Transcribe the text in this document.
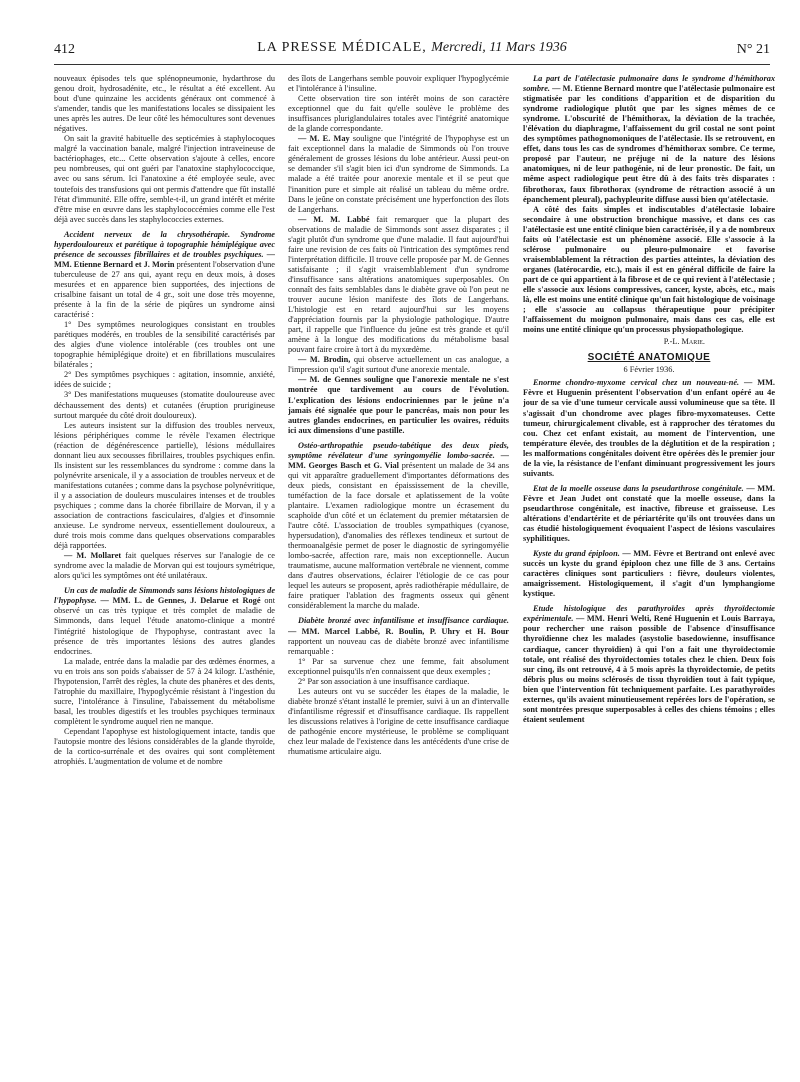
412	LA PRESSE MÉDICALE, Mercredi, 11 Mars 1936	N° 21

nouveaux épisodes tels que splénopneumonie, hydarthrose du genou droit, hydrosadénite, etc., le résultat a été excellent. Au bout d'une quinzaine les accidents généraux ont commencé à s'amender, tandis que les manifestations locales se dissipaient les unes après les autres. De leur côté les hémocultures sont devenues négatives.

On sait la gravité habituelle des septicémies à staphylocoques malgré la vaccination banale, malgré l'injection intraveineuse de bactériophages, etc... Cette observation s'ajoute à celles, encore peu nombreuses, qui ont guéri par l'anatoxine staphylococcique, avec ou sans sérum. Ici l'anatoxine a été employée seule, avec toutefois des transfusions qui ont permis d'attendre que fût installé l'état d'immunité. Elle offre, semble-t-il, un grand intérêt et mérite d'être mise en œuvre dans les staphylococcémies comme elle l'est déjà avec succès dans les staphylococcies externes.

Accident nerveux de la chrysothérapie. Syndrome hyperdouloureux et parétique à topographie hémiplégique avec présence de secousses fibrillaires et de troubles psychiques. — MM. Etienne Bernard et J. Morin présentent l'observation d'une tuberculeuse de 27 ans qui, ayant reçu en deux mois, à doses mesurées et en apparence bien supportées, des injections de crisalbine faisant un total de 4 gr., soit une dose très moyenne, présente à la fin de la série de piqûres un syndrome ainsi caractérisé :

1° Des symptômes neurologiques consistant en troubles parétiques modérés, en troubles de la sensibilité caractérisés par des algies d'une violence intolérable (ces troubles ont une topographie hémiplégique droite) et en fibrillations musculaires bilatérales ;

2° Des symptômes psychiques : agitation, insomnie, anxiété, idées de suicide ;

3° Des manifestations muqueuses (stomatite douloureuse avec déchaussement des dents) et cutanées (éruption prurigineuse surtout marquée du côté droit douloureux).

Les auteurs insistent sur la diffusion des troubles nerveux, lésions périphériques comme le révèle l'examen électrique (réaction de dégénérescence partielle), lésions médullaires donnant lieu aux secousses fibrillaires, troubles psychiques enfin. Ils insistent sur les ressemblances du syndrome : comme dans la polynévrite arsenicale, il y a association de troubles nerveux et de manifestations cutanées ; comme dans la psychose polynévritique, il y a association de douleurs musculaires intenses et de troubles psychiques ; comme dans la chorée fibrillaire de Morvan, il y a association de contractions fasciculaires, d'algies et d'insomnie anxieuse. Le syndrome nerveux, essentiellement douloureux, a duré trois mois comme dans quelques observations comparables déjà rapportées.

— M. Mollaret fait quelques réserves sur l'analogie de ce syndrome avec la maladie de Morvan qui est toujours symétrique, alors qu'ici les symptômes ont été unilatéraux.

Un cas de maladie de Simmonds sans lésions histologiques de l'hypophyse. — MM. L. de Gennes, J. Delarue et Rogé ont observé un cas très typique et très complet de maladie de Simmonds, dans lequel l'étude anatomo-clinique a montré l'intégrité histologique de l'hypophyse, contrastant avec la présence de très importantes lésions des autres glandes endocrines.

La malade, entrée dans la maladie par des œdèmes énormes, a vu en trois ans son poids s'abaisser de 57 à 24 kilogr. L'asthénie, l'hypotension, l'arrêt des règles, la chute des phanères et des dents, l'atrophie du maxillaire, l'hypoglycémie résistant à l'ingestion du sucre, l'intolérance à l'insuline, l'abaissement du métabolisme basal, les troubles digestifs et les troubles psychiques terminaux complètent le syndrome auquel rien ne manque.

Cependant l'apophyse est histologiquement intacte, tandis que l'autopsie montre des lésions considérables de la glande thyroïde, de la cortico-surrénale et des ovaires qui sont complètement atrophiés. L'augmentation de volume et de nombre

des îlots de Langerhans semble pouvoir expliquer l'hypoglycémie et l'intolérance à l'insuline.

Cette observation tire son intérêt moins de son caractère exceptionnel que du fait qu'elle soulève le problème des insuffisances pluriglandulaires totales avec l'intégrité anatomique de la glande correspondante.

— M. E. May souligne que l'intégrité de l'hypophyse est un fait exceptionnel dans la maladie de Simmonds où l'on trouve généralement de grosses lésions du lobe antérieur. Aussi peut-on se demander s'il s'agit bien ici d'un syndrome de Simmonds. La malade a été traitée pour anorexie mentale et il se peut que l'inanition pure et simple ait réalisé un tableau du même ordre. Dans le jeûne on constate précisément une hyperfonction des îlots de Langerhans.

— M. M. Labbé fait remarquer que la plupart des observations de maladie de Simmonds sont assez disparates ; il s'agit plutôt d'un syndrome que d'une maladie. Il faut aujourd'hui faire une revision de ces faits où l'intrication des symptômes rend l'interprétation difficile. Il trouve celle proposée par M. de Gennes satisfaisante ; il s'agit vraisemblablement d'un syndrome d'insuffisance sans altérations anatomiques superposables. On connaît des faits semblables dans le diabète grave où l'on peut ne trouver aucune lésion manifeste des îlots de Langerhans. L'histologie est en retard aujourd'hui sur les moyens d'appréciation fournis par la physiologie pathologique. D'autre part, il rappelle que l'influence du jeûne est très grande et qu'il amène à la longue des modifications du métabolisme basal pouvant faire croire à tort à du myxœdème.

— M. Brodin, qui observe actuellement un cas analogue, a l'impression qu'il s'agit surtout d'une anorexie mentale.

— M. de Gennes souligne que l'anorexie mentale ne s'est montrée que tardivement au cours de l'évolution. L'explication des lésions endocriniennes par le jeûne n'a jamais été signalée que pour le pancréas, mais non pour les autres glandes endocrines, en particulier les ovaires, réduits ici aux dimensions d'une pastille.

Ostéo-arthropathie pseudo-tabétique des deux pieds, symptôme révélateur d'une syringomyélie lombo-sacrée. — MM. Georges Basch et G. Vial présentent un malade de 34 ans qui vit apparaître graduellement d'importantes déformations des deux pieds, consistant en épaississement de la cheville, tuméfaction de la face dorsale et aplatissement de la voûte plantaire. L'examen radiologique montre un écrasement du scaphoïde d'un côté et un éclatement du premier métatarsien de l'autre côté. L'association de troubles sympathiques (cyanose, hypersudation), d'anomalies des réflexes tendineux et surtout de thermoanalgésie permet de poser le diagnostic de syringomyélie lombo-sacrée, affection rare, mais non exceptionnelle. Aucun traumatisme, aucune malformation vertébrale ne viennent, comme dans d'autres observations, éclairer l'étiologie de ce cas pour lequel les auteurs se proposent, après radiothérapie médullaire, de faire pratiquer l'ablation des fragments osseux qui gênent considérablement la marche du malade.

Diabète bronzé avec infantilisme et insuffisance cardiaque. — MM. Marcel Labbé, R. Boulin, P. Uhry et H. Bour rapportent un nouveau cas de diabète bronzé avec infantilisme remarquable :

1° Par sa survenue chez une femme, fait absolument exceptionnel puisqu'ils n'en connaissent que deux exemples ;

2° Par son association à une insuffisance cardiaque.

Les auteurs ont vu se succéder les étapes de la maladie, le diabète bronzé s'étant installé le premier, suivi à un an d'intervalle d'infantilisme régressif et d'insuffisance cardiaque. Ils rappellent les discussions relatives à l'origine de cette insuffisance cardiaque de pathogénie encore mystérieuse, le problème se compliquant chez leur malade de l'existence dans les antécédents d'une crise de rhumatisme articulaire aigu.

La part de l'atélectasie pulmonaire dans le syndrome d'hémithorax sombre. — M. Etienne Bernard montre que l'atélectasie pulmonaire est stigmatisée par les conditions d'apparition et de disparition du syndrome radiologique plutôt que par les signes mêmes de ce syndrome. L'obscurité de l'hémithorax, la déviation de la trachée, l'élévation du diaphragme, l'affaissement du gril costal ne sont point des symptômes pathognomoniques de l'atélectasie. Ils se retrouvent, en effet, dans tous les cas de syndromes d'hémithorax sombre. Ce terme, proposé par l'auteur, ne préjuge ni de la nature des lésions anatomiques, ni de leur pathogénie, ni de leur pronostic. De fait, un même aspect radiologique peut être dû à des faits très disparates : fibrothorax, faux fibrothorax (syndrome de rétraction associé à un épanchement pleural), pachypleurite diffuse aussi bien qu'atélectasie.

A côté des faits simples et indiscutables d'atélectasie lobaire secondaire à une obstruction bronchique massive, et dans ces cas l'atélectasie est une entité clinique bien caractérisée, il y a de nombreux faits où l'atélectasie est un phénomène associé. Elle s'associe à la sclérose pulmonaire ou pleuro-pulmonaire et favorise vraisemblablement la rétraction des parties atteintes, la déviation des organes (latérocardie, etc.), mais il est en général difficile de faire la part de ce qui appartient à la fibrose et de ce qui revient à l'atélectasie ; elle s'associe aux lésions compressives, cancer, kyste, abcès, etc., mais là, elle est moins une entité clinique qu'un fait histologique de voisinage ; elle s'associe au collapsus thérapeutique pour précipiter l'affaissement du moignon pulmonaire, mais dans ces cas, elle est moins une entité clinique qu'un processus physiopathologique.

P.-L. Marie.

SOCIÉTÉ ANATOMIQUE
6 Février 1936.

Enorme chondro-myxome cervical chez un nouveau-né. — MM. Fèvre et Huguenin présentent l'observation d'un enfant opéré au 4e jour de sa vie d'une tumeur cervicale aussi volumineuse que sa tête. Il s'agissait d'un chondrome avec plages fibro-myxomateuses. Cette tumeur, chirurgicalement clivable, est à rapprocher des tératomes du cou. Chez cet enfant existait, au moment de l'intervention, une température élevée, des troubles de la déglutition et de la respiration ; les malformations congénitales doivent être opérées dès le premier jour de la vie, la résistance de l'enfant diminuant progressivement les jours suivants.

Etat de la moelle osseuse dans la pseudarthrose congénitale. — MM. Fèvre et Jean Judet ont constaté que la moelle osseuse, dans la pseudarthrose congénitale, est inactive, fibreuse et graisseuse. Les altérations d'endartérite et de périartérite qu'ils ont trouvées dans un cas étudié histologiquement évoquaient l'aspect de lésions vasculaires syphilitiques.

Kyste du grand épiploon. — MM. Fèvre et Bertrand ont enlevé avec succès un kyste du grand épiploon chez une fille de 3 ans. Certains caractères cliniques sont particuliers : fièvre, douleurs violentes, amaigrissement. Histologiquement, il s'agit d'un lymphangiome kystique.

Etude histologique des parathyroïdes après thyroïdectomie expérimentale. — MM. Henri Welti, René Huguenin et Louis Barraya, pour rechercher une raison possible de l'absence d'insuffisance thyroïdienne chez les malades (asystolie basedowienne, insuffisance cardiaque, cancer thyroïdien) à qui l'on a fait une thyroïdectomie totale, ont réalisé des thyroïdectomies totales chez le chien. Deux fois sur cinq, ils ont retrouvé, 4 à 5 mois après la thyroïdectomie, de petits débris plus ou moins sclérosés de tissu thyroïdien tout à fait typique, bien que l'intervention fût techniquement parfaite. Les parathyroïdes externes, qu'ils avaient minutieusement repérées lors de l'opération, se sont montrées presque superposables à celles des chiens témoins ; elles étaient seulement
